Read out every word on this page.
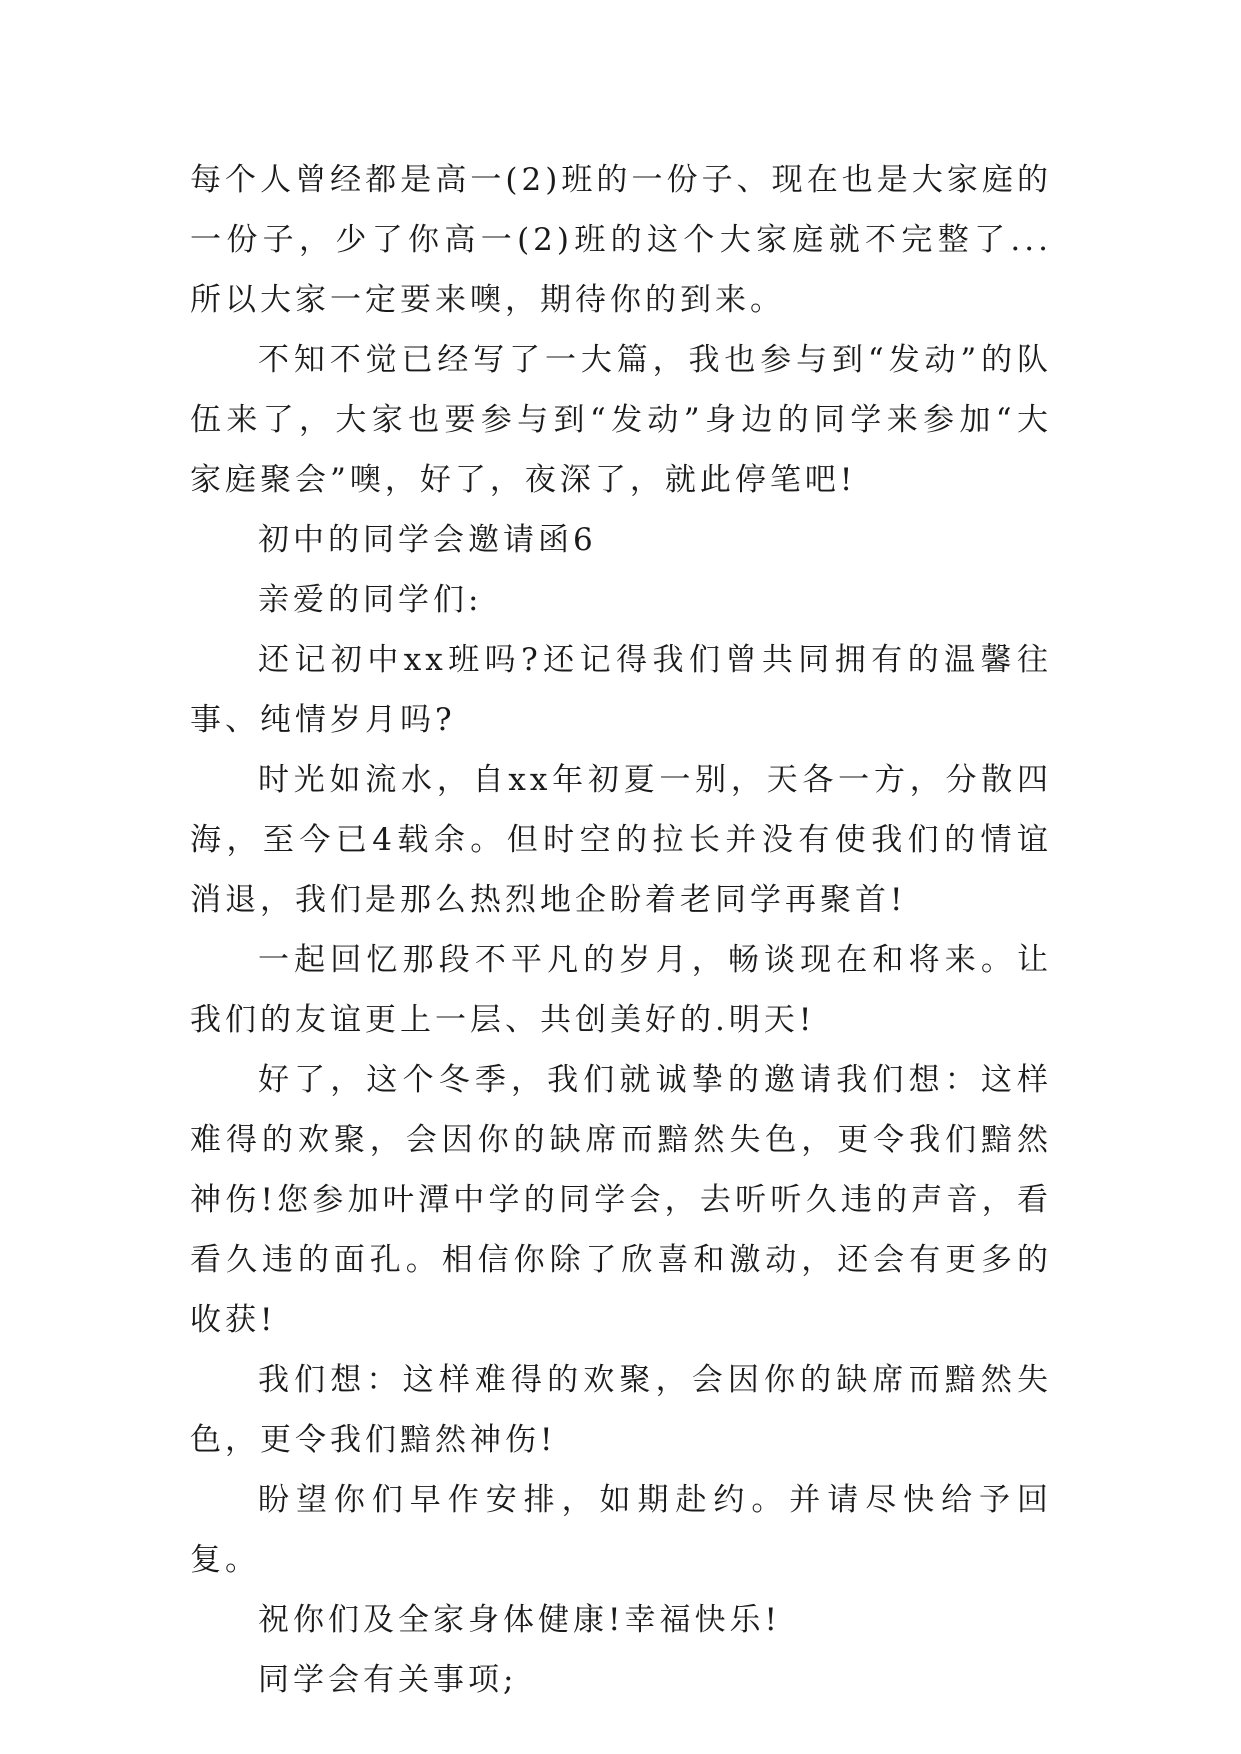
每个人曾经都是高一(2)班的一份子、现在也是大家庭的一份子，少了你高一(2)班的这个大家庭就不完整了...所以大家一定要来噢，期待你的到来。

不知不觉已经写了一大篇，我也参与到“发动”的队伍来了，大家也要参与到“发动”身边的同学来参加“大家庭聚会”噢，好了，夜深了，就此停笔吧!

初中的同学会邀请函6

亲爱的同学们:

还记初中xx班吗?还记得我们曾共同拥有的温馨往事、纯情岁月吗?

时光如流水，自xx年初夏一别，天各一方，分散四海，至今已4载余。但时空的拉长并没有使我们的情谊消退，我们是那么热烈地企盼着老同学再聚首!

一起回忆那段不平凡的岁月，畅谈现在和将来。让我们的友谊更上一层、共创美好的.明天!

好了，这个冬季，我们就诚挚的邀请我们想：这样难得的欢聚，会因你的缺席而黯然失色，更令我们黯然神伤!您参加叶潭中学的同学会，去听听久违的声音，看看久违的面孔。相信你除了欣喜和激动，还会有更多的收获!

我们想：这样难得的欢聚，会因你的缺席而黯然失色，更令我们黯然神伤!

盼望你们早作安排，如期赴约。并请尽快给予回复。

祝你们及全家身体健康!幸福快乐!

同学会有关事项;
